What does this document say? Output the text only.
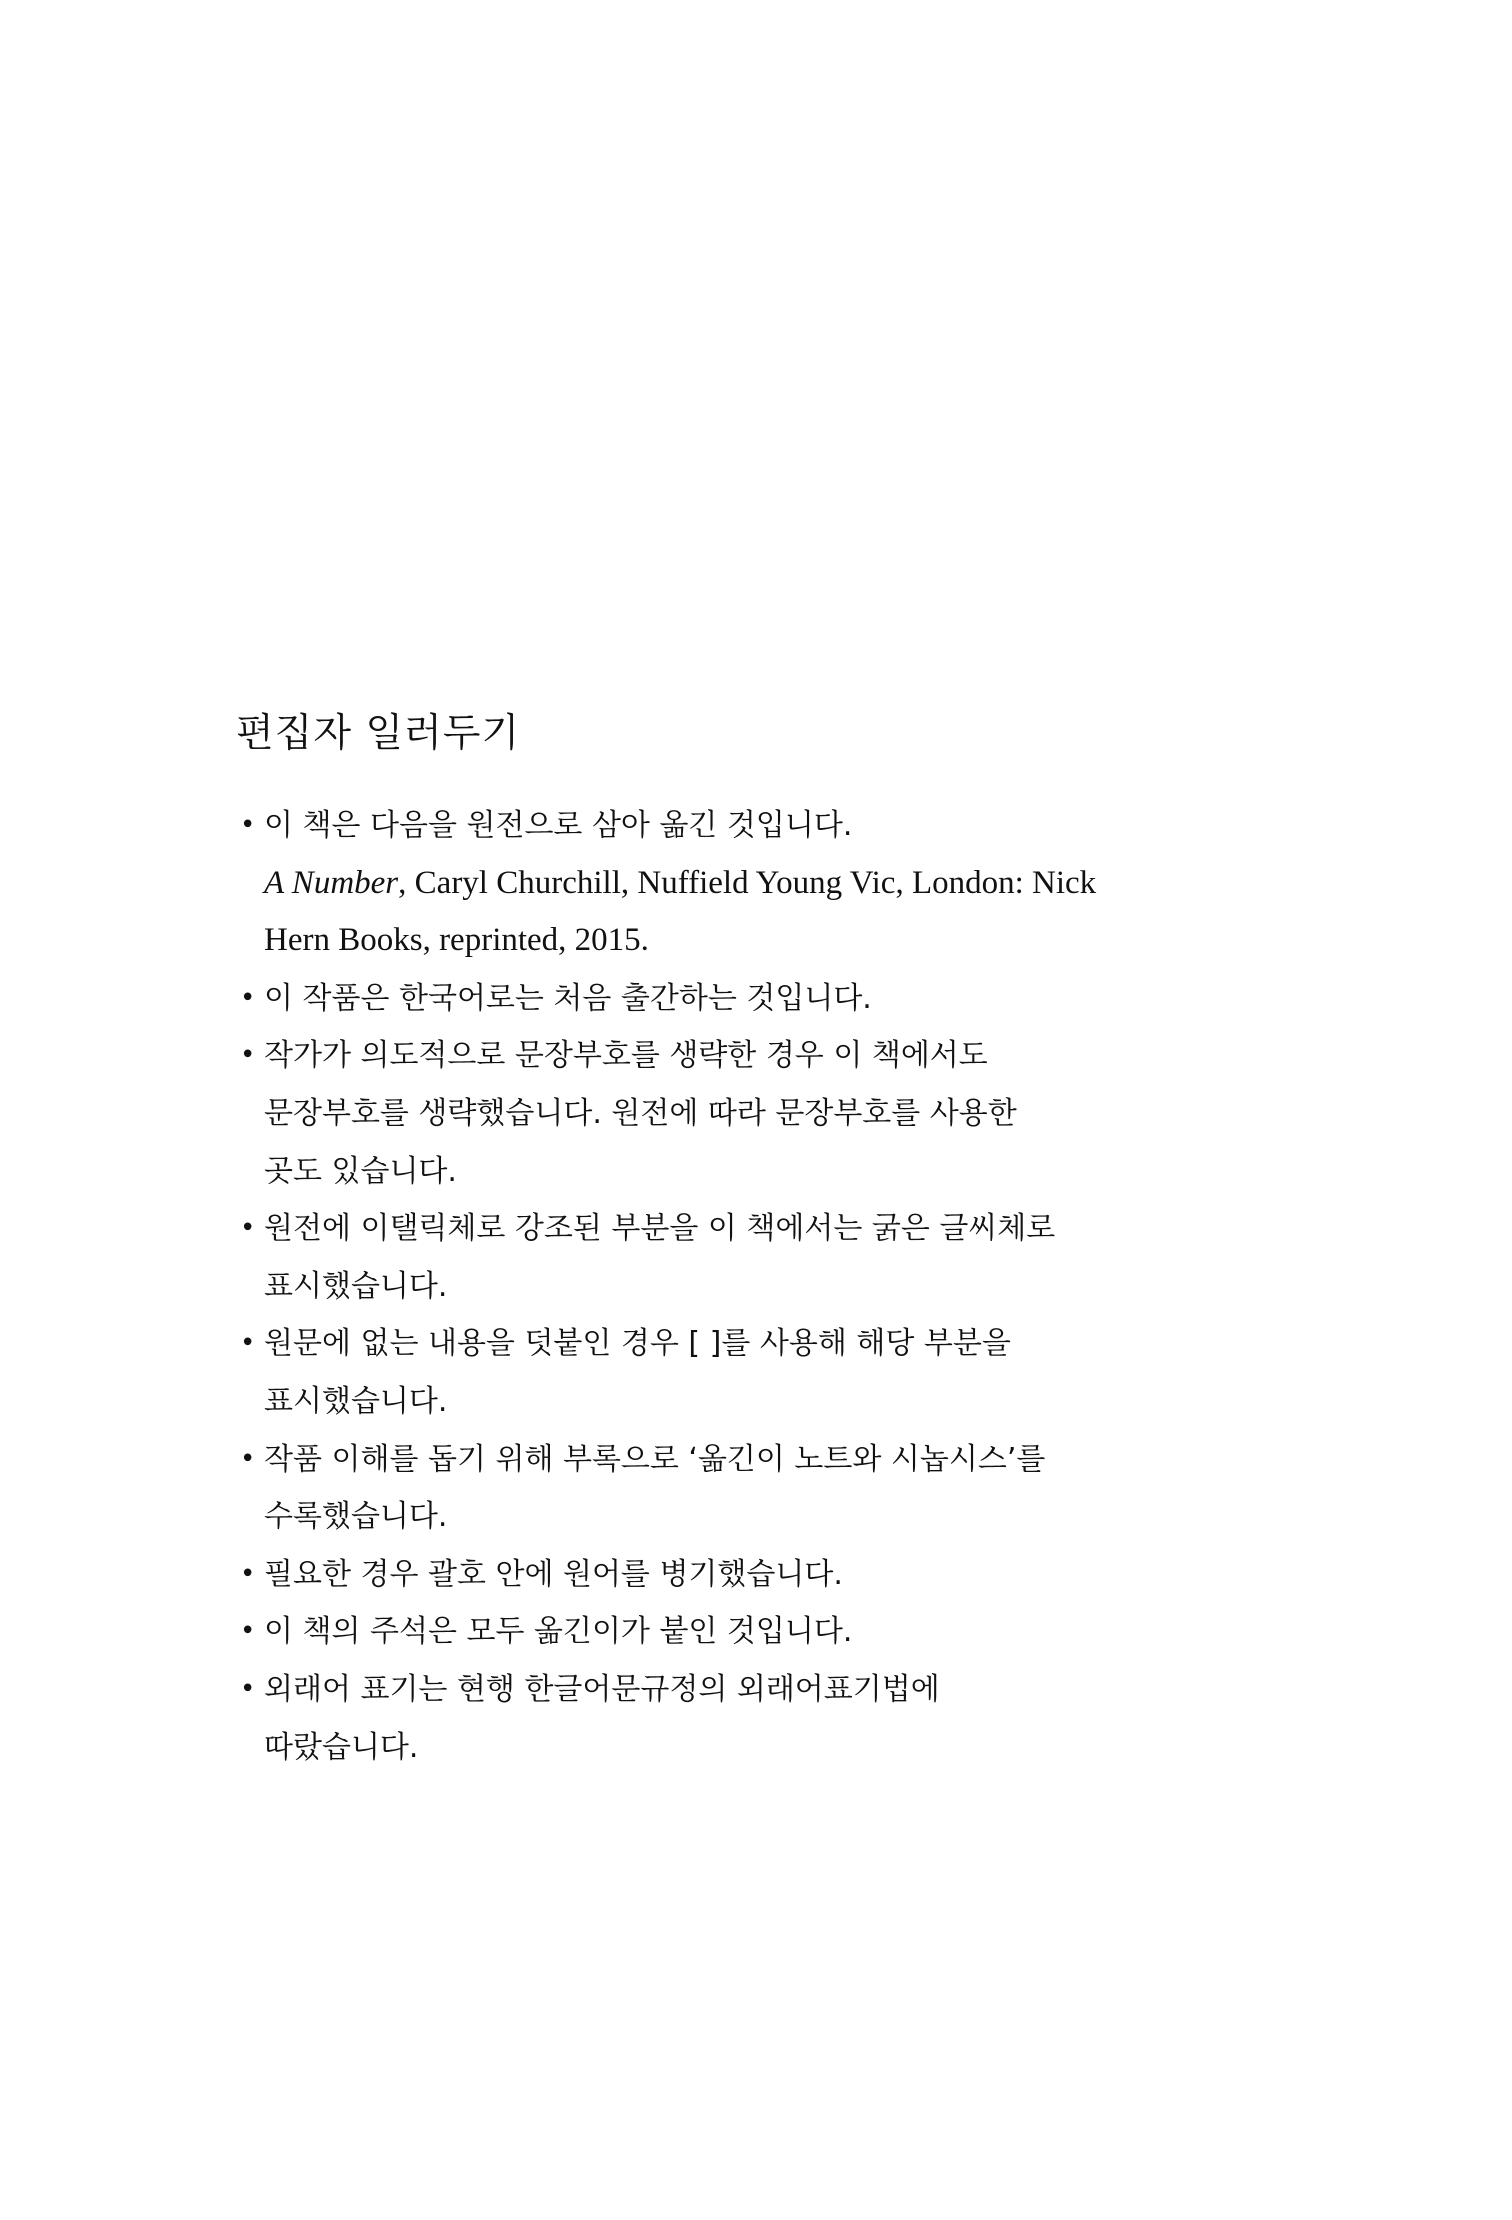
편집자 일러두기
• 이 책은 다음을 원전으로 삼아 옮긴 것입니다.
A Number, Caryl Churchill, Nuffield Young Vic, London: Nick
Hern Books, reprinted, 2015.
• 이 작품은 한국어로는 처음 출간하는 것입니다.
• 작가가 의도적으로 문장부호를 생략한 경우 이 책에서도
문장부호를 생략했습니다. 원전에 따라 문장부호를 사용한
곳도 있습니다.
• 원전에 이탤릭체로 강조된 부분을 이 책에서는 굵은 글씨체로
표시했습니다.
• 원문에 없는 내용을 덧붙인 경우 [ ]를 사용해 해당 부분을
표시했습니다.
• 작품 이해를 돕기 위해 부록으로 ‘옮긴이 노트와 시놉시스’를
수록했습니다.
• 필요한 경우 괄호 안에 원어를 병기했습니다.
• 이 책의 주석은 모두 옮긴이가 붙인 것입니다.
• 외래어 표기는 현행 한글어문규정의 외래어표기법에
따랐습니다.
